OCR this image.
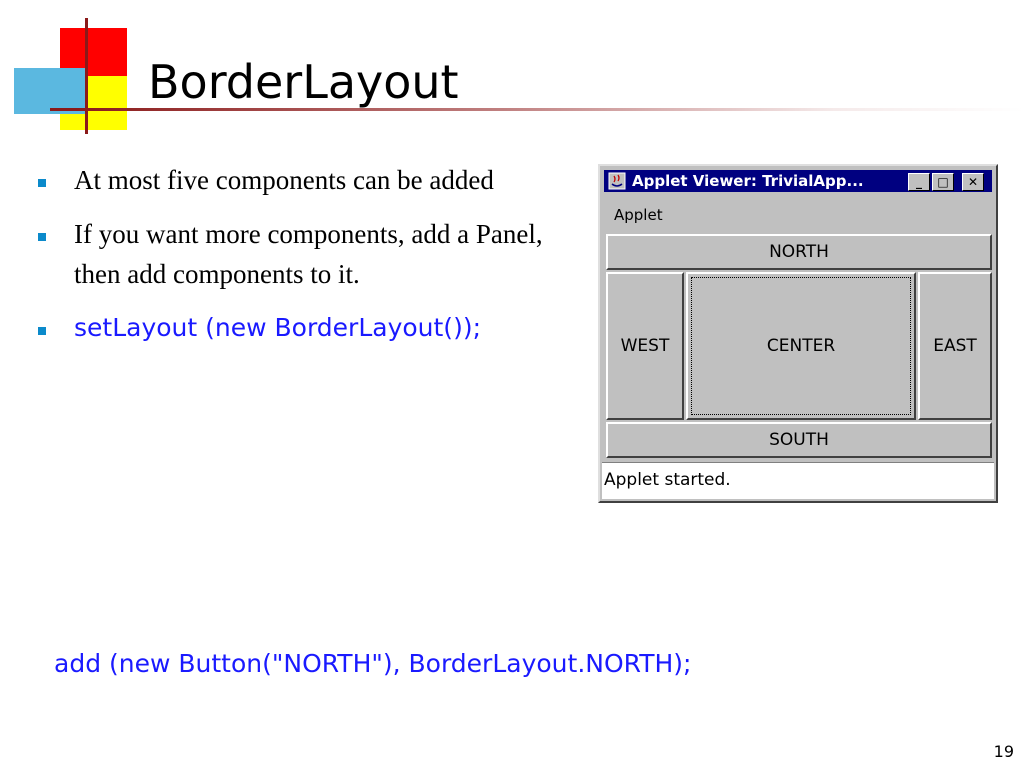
BorderLayout
At most five components can be added
If you want more components, add a Panel, then add components to it.
setLayout (new BorderLayout());
Applet Viewer: TrivialApp...	_	□	✕
Applet
NORTH
WEST	CENTER	EAST
SOUTH
Applet started.
add (new Button("NORTH"), BorderLayout.NORTH);
19
